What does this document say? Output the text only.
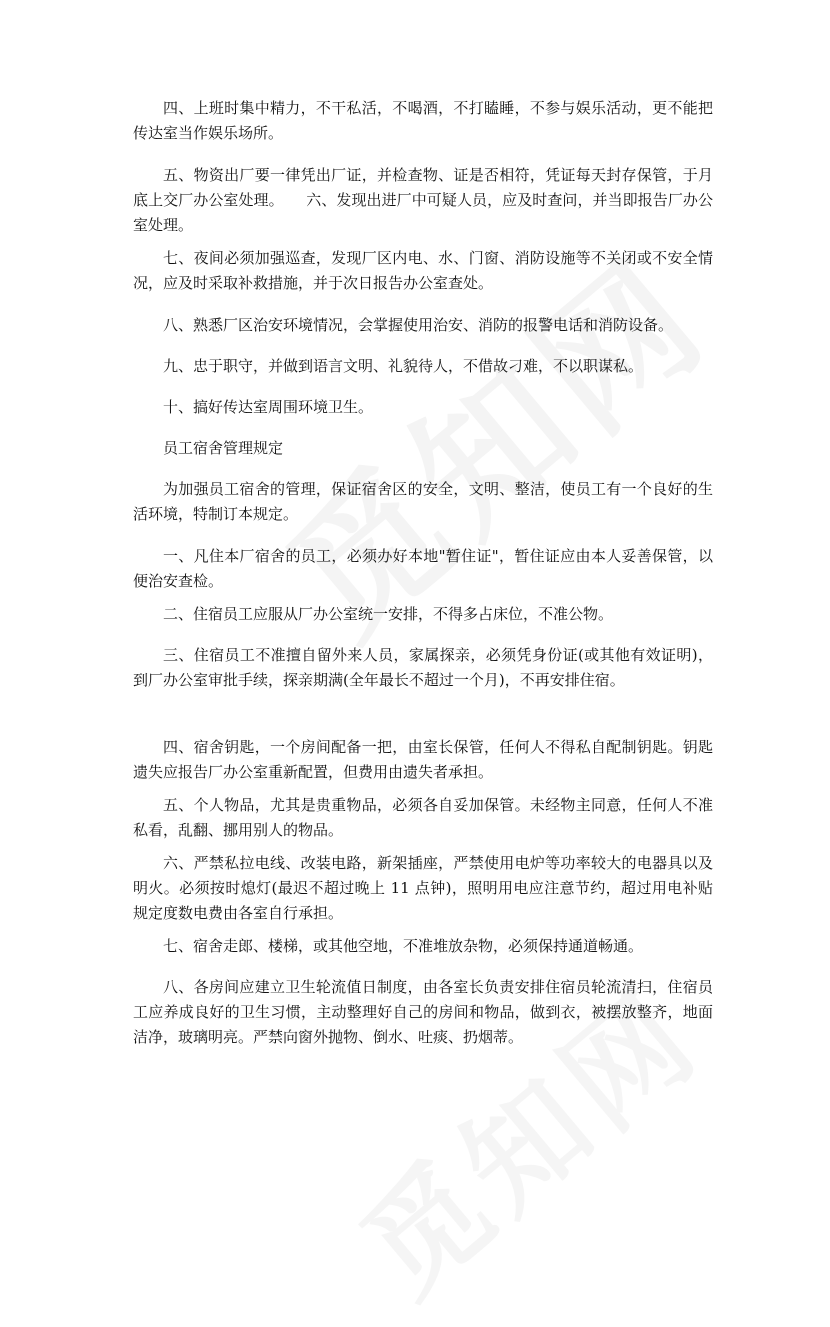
四、上班时集中精力，不干私活，不喝酒，不打瞌睡，不参与娱乐活动，更不能把传达室当作娱乐场所。

五、物资出厂要一律凭出厂证，并检查物、证是否相符，凭证每天封存保管，于月底上交厂办公室处理。　　六、发现出进厂中可疑人员，应及时查问，并当即报告厂办公室处理。

七、夜间必须加强巡查，发现厂区内电、水、门窗、消防设施等不关闭或不安全情况，应及时采取补救措施，并于次日报告办公室查处。

八、熟悉厂区治安环境情况，会掌握使用治安、消防的报警电话和消防设备。

九、忠于职守，并做到语言文明、礼貌待人，不借故刁难，不以职谋私。

十、搞好传达室周围环境卫生。

员工宿舍管理规定

为加强员工宿舍的管理，保证宿舍区的安全，文明、整洁，使员工有一个良好的生活环境，特制订本规定。

一、凡住本厂宿舍的员工，必须办好本地"暂住证"，暂住证应由本人妥善保管，以便治安查检。

二、住宿员工应服从厂办公室统一安排，不得多占床位，不准公物。

三、住宿员工不准擅自留外来人员，家属探亲，必须凭身份证(或其他有效证明)，到厂办公室审批手续，探亲期满(全年最长不超过一个月)，不再安排住宿。

四、宿舍钥匙，一个房间配备一把，由室长保管，任何人不得私自配制钥匙。钥匙遗失应报告厂办公室重新配置，但费用由遗失者承担。

五、个人物品，尤其是贵重物品，必须各自妥加保管。未经物主同意，任何人不准私看，乱翻、挪用别人的物品。

六、严禁私拉电线、改装电路，新架插座，严禁使用电炉等功率较大的电器具以及明火。必须按时熄灯(最迟不超过晚上 11 点钟)，照明用电应注意节约，超过用电补贴规定度数电费由各室自行承担。

七、宿舍走郎、楼梯，或其他空地，不准堆放杂物，必须保持通道畅通。

八、各房间应建立卫生轮流值日制度，由各室长负责安排住宿员轮流清扫，住宿员工应养成良好的卫生习惯，主动整理好自己的房间和物品，做到衣，被摆放整齐，地面洁净，玻璃明亮。严禁向窗外抛物、倒水、吐痰、扔烟蒂。
